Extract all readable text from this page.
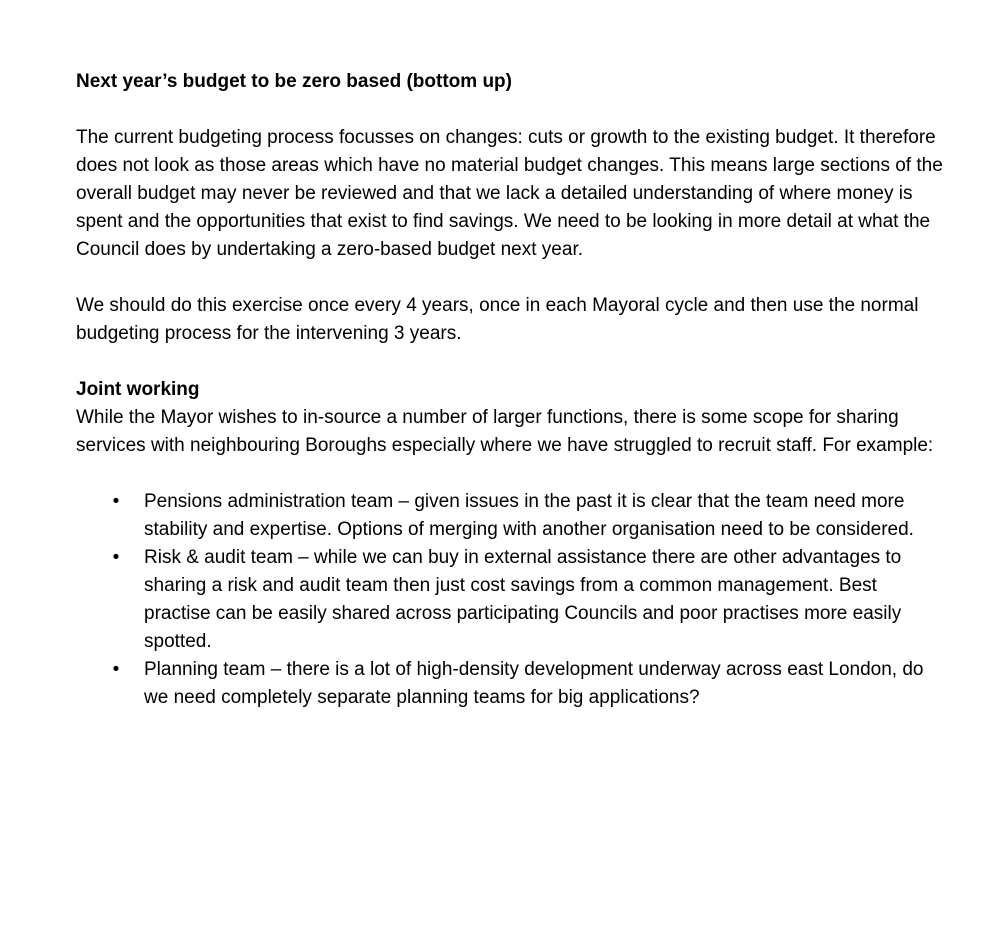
Next year’s budget to be zero based (bottom up)

The current budgeting process focusses on changes: cuts or growth to the existing budget. It therefore does not look as those areas which have no material budget changes. This means large sections of the overall budget may never be reviewed and that we lack a detailed understanding of where money is spent and the opportunities that exist to find savings. We need to be looking in more detail at what the Council does by undertaking a zero-based budget next year.

We should do this exercise once every 4 years, once in each Mayoral cycle and then use the normal budgeting process for the intervening 3 years.

Joint working

While the Mayor wishes to in-source a number of larger functions, there is some scope for sharing services with neighbouring Boroughs especially where we have struggled to recruit staff. For example:

• Pensions administration team – given issues in the past it is clear that the team need more stability and expertise. Options of merging with another organisation need to be considered.
• Risk & audit team – while we can buy in external assistance there are other advantages to sharing a risk and audit team then just cost savings from a common management. Best practise can be easily shared across participating Councils and poor practises more easily spotted.
• Planning team – there is a lot of high-density development underway across east London, do we need completely separate planning teams for big applications?
